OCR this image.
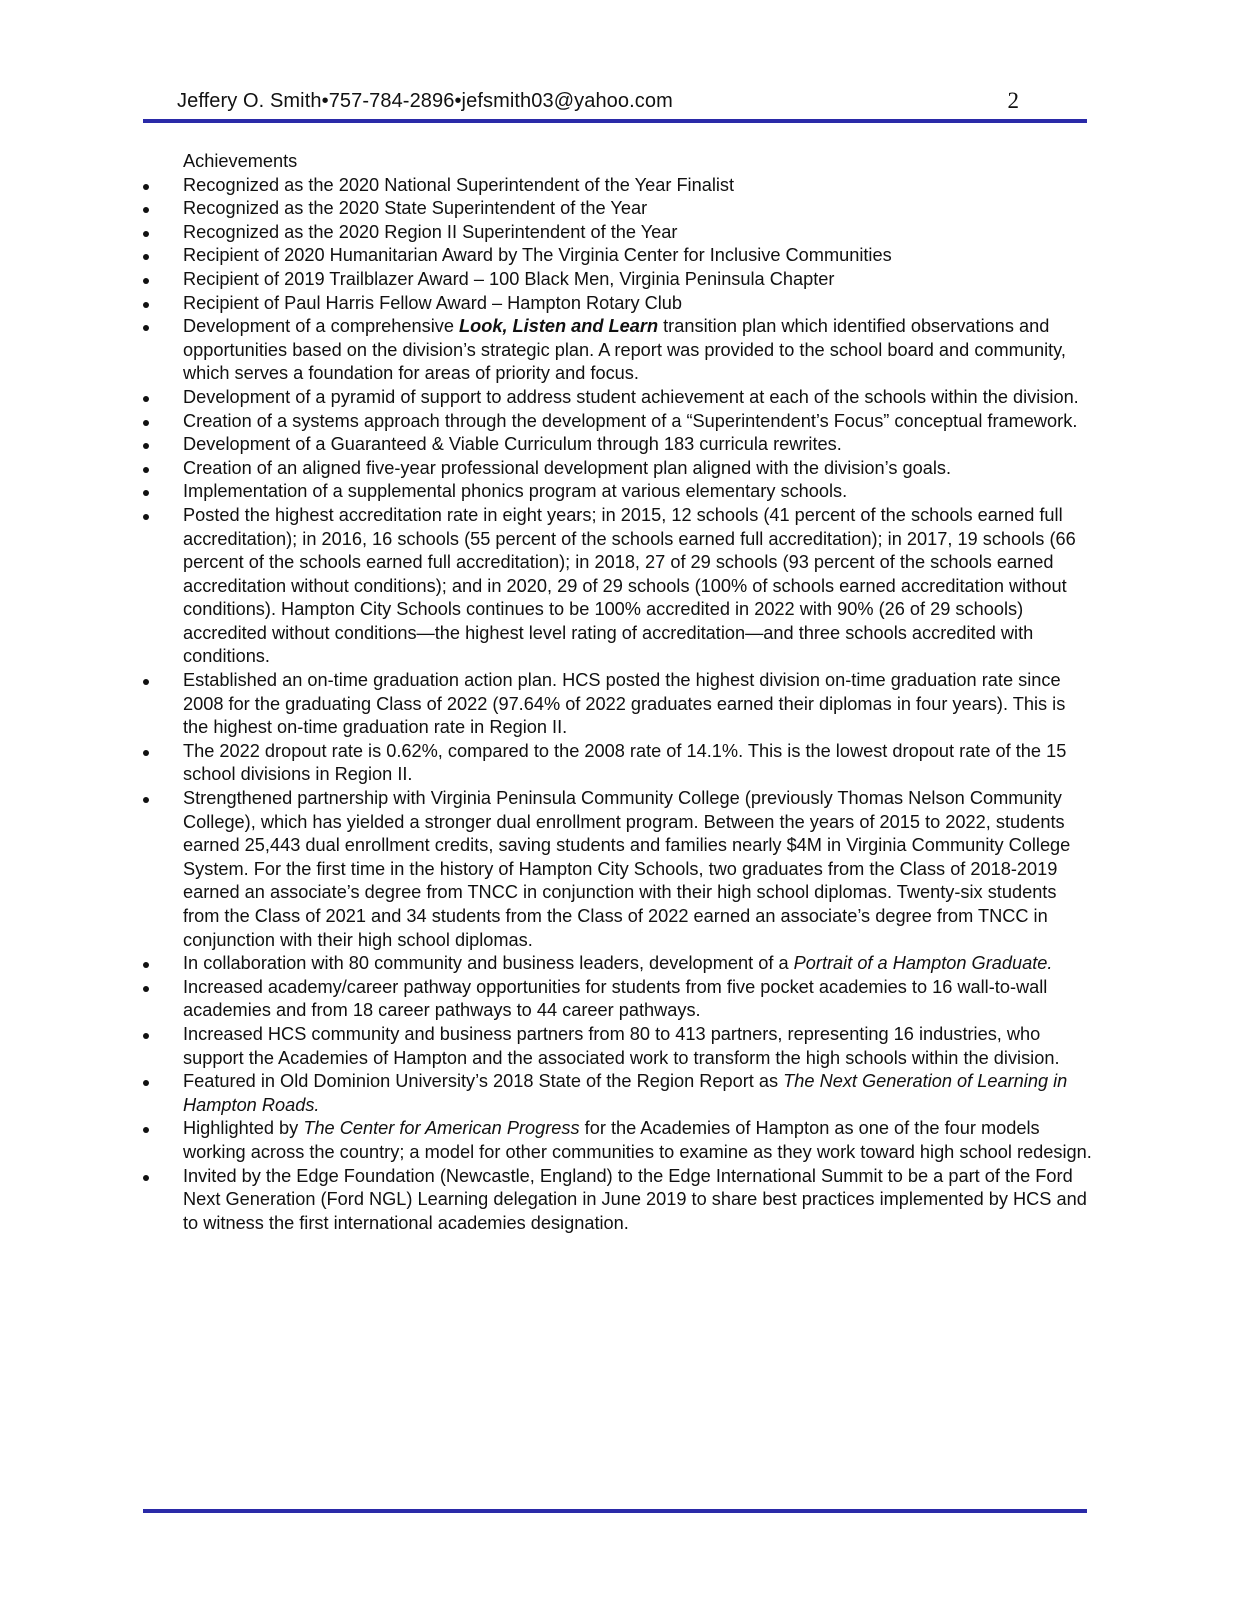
Jeffery O. Smith•757-784-2896•jefsmith03@yahoo.com	2

Achievements

Recognized as the 2020 National Superintendent of the Year Finalist
Recognized as the 2020 State Superintendent of the Year
Recognized as the 2020 Region II Superintendent of the Year
Recipient of 2020 Humanitarian Award by The Virginia Center for Inclusive Communities
Recipient of 2019 Trailblazer Award – 100 Black Men, Virginia Peninsula Chapter
Recipient of Paul Harris Fellow Award – Hampton Rotary Club
Development of a comprehensive Look, Listen and Learn transition plan which identified observations and opportunities based on the division’s strategic plan. A report was provided to the school board and community, which serves a foundation for areas of priority and focus.
Development of a pyramid of support to address student achievement at each of the schools within the division.
Creation of a systems approach through the development of a “Superintendent’s Focus” conceptual framework.
Development of a Guaranteed & Viable Curriculum through 183 curricula rewrites.
Creation of an aligned five-year professional development plan aligned with the division’s goals.
Implementation of a supplemental phonics program at various elementary schools.
Posted the highest accreditation rate in eight years; in 2015, 12 schools (41 percent of the schools earned full accreditation); in 2016, 16 schools (55 percent of the schools earned full accreditation); in 2017, 19 schools (66 percent of the schools earned full accreditation); in 2018, 27 of 29 schools (93 percent of the schools earned accreditation without conditions); and in 2020, 29 of 29 schools (100% of schools earned accreditation without conditions). Hampton City Schools continues to be 100% accredited in 2022 with 90% (26 of 29 schools) accredited without conditions—the highest level rating of accreditation—and three schools accredited with conditions.
Established an on-time graduation action plan. HCS posted the highest division on-time graduation rate since 2008 for the graduating Class of 2022 (97.64% of 2022 graduates earned their diplomas in four years). This is the highest on-time graduation rate in Region II.
The 2022 dropout rate is 0.62%, compared to the 2008 rate of 14.1%. This is the lowest dropout rate of the 15 school divisions in Region II.
Strengthened partnership with Virginia Peninsula Community College (previously Thomas Nelson Community College), which has yielded a stronger dual enrollment program. Between the years of 2015 to 2022, students earned 25,443 dual enrollment credits, saving students and families nearly $4M in Virginia Community College System. For the first time in the history of Hampton City Schools, two graduates from the Class of 2018-2019 earned an associate’s degree from TNCC in conjunction with their high school diplomas. Twenty-six students from the Class of 2021 and 34 students from the Class of 2022 earned an associate’s degree from TNCC in conjunction with their high school diplomas.
In collaboration with 80 community and business leaders, development of a Portrait of a Hampton Graduate.
Increased academy/career pathway opportunities for students from five pocket academies to 16 wall-to-wall academies and from 18 career pathways to 44 career pathways.
Increased HCS community and business partners from 80 to 413 partners, representing 16 industries, who support the Academies of Hampton and the associated work to transform the high schools within the division.
Featured in Old Dominion University’s 2018 State of the Region Report as The Next Generation of Learning in Hampton Roads.
Highlighted by The Center for American Progress for the Academies of Hampton as one of the four models working across the country; a model for other communities to examine as they work toward high school redesign.
Invited by the Edge Foundation (Newcastle, England) to the Edge International Summit to be a part of the Ford Next Generation (Ford NGL) Learning delegation in June 2019 to share best practices implemented by HCS and to witness the first international academies designation.
